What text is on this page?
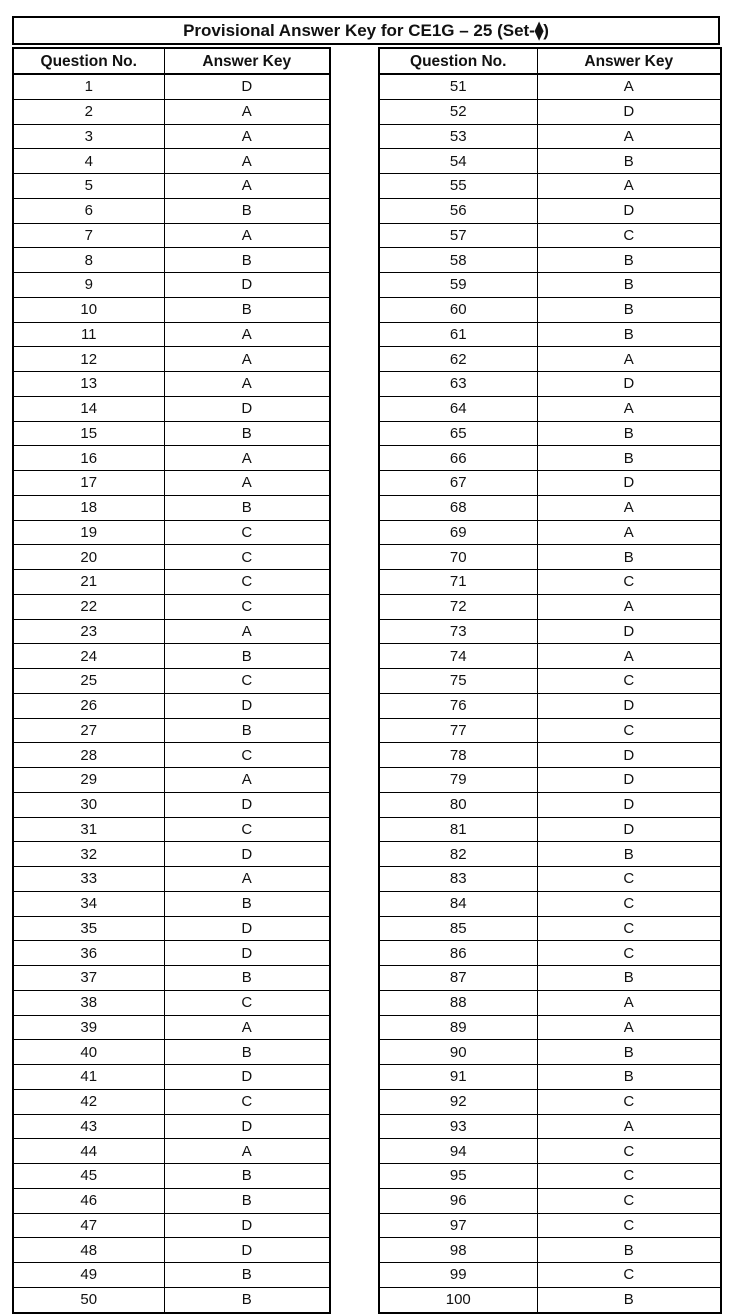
Provisional Answer Key for CE1G – 25 (Set-⧫)
Question No.	Answer Key
1	D
2	A
3	A
4	A
5	A
6	B
7	A
8	B
9	D
10	B
11	A
12	A
13	A
14	D
15	B
16	A
17	A
18	B
19	C
20	C
21	C
22	C
23	A
24	B
25	C
26	D
27	B
28	C
29	A
30	D
31	C
32	D
33	A
34	B
35	D
36	D
37	B
38	C
39	A
40	B
41	D
42	C
43	D
44	A
45	B
46	B
47	D
48	D
49	B
50	B
Question No.	Answer Key
51	A
52	D
53	A
54	B
55	A
56	D
57	C
58	B
59	B
60	B
61	B
62	A
63	D
64	A
65	B
66	B
67	D
68	A
69	A
70	B
71	C
72	A
73	D
74	A
75	C
76	D
77	C
78	D
79	D
80	D
81	D
82	B
83	C
84	C
85	C
86	C
87	B
88	A
89	A
90	B
91	B
92	C
93	A
94	C
95	C
96	C
97	C
98	B
99	C
100	B
